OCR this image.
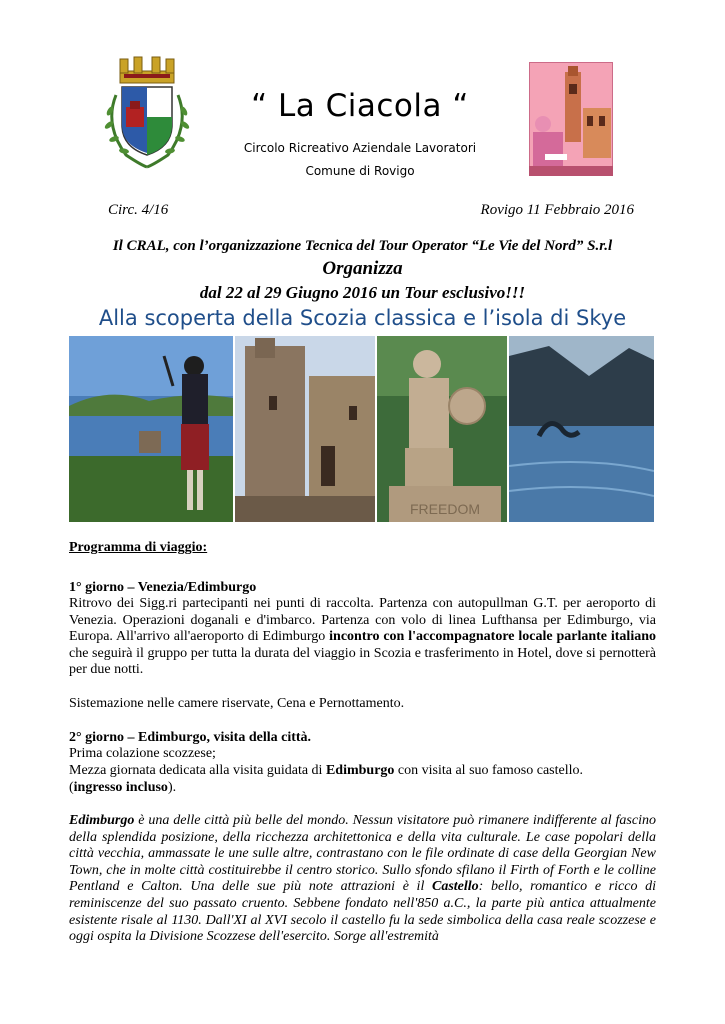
“ La Ciacola “
Circolo Ricreativo Aziendale Lavoratori
Comune di Rovigo
Circ. 4/16	Rovigo 11 Febbraio 2016
Il CRAL, con l’organizzazione Tecnica del Tour Operator “Le Vie del Nord” S.r.l
Organizza
dal 22 al 29 Giugno 2016 un Tour esclusivo!!!
Alla scoperta della Scozia classica e l’isola di Skye
FREEDOM
Programma di viaggio:
1° giorno – Venezia/Edimburgo
Ritrovo dei Sigg.ri partecipanti nei punti di raccolta. Partenza con autopullman G.T. per aeroporto di Venezia. Operazioni doganali e d'imbarco. Partenza con volo di linea Lufthansa per Edimburgo, via Europa. All'arrivo all'aeroporto di Edimburgo incontro con l'accompagnatore locale parlante italiano che seguirà il gruppo per tutta la durata del viaggio in Scozia e trasferimento in Hotel, dove si pernotterà per due notti.
Sistemazione nelle camere riservate, Cena e Pernottamento.
2° giorno – Edimburgo, visita della città.
Prima colazione scozzese;
Mezza giornata dedicata alla visita guidata di Edimburgo con visita al suo famoso castello.
(ingresso incluso).
Edimburgo è una delle città più belle del mondo. Nessun visitatore può rimanere indifferente al fascino della splendida posizione, della ricchezza architettonica e della vita culturale. Le case popolari della città vecchia, ammassate le une sulle altre, contrastano con le file ordinate di case della Georgian New Town, che in molte città costituirebbe il centro storico. Sullo sfondo sfilano il Firth of Forth e le colline Pentland e Calton. Una delle sue più note attrazioni è il Castello: bello, romantico e ricco di reminiscenze del suo passato cruento. Sebbene fondato nell'850 a.C., la parte più antica attualmente esistente risale al 1130. Dall'XI al XVI secolo il castello fu la sede simbolica della casa reale scozzese e oggi ospita la Divisione Scozzese dell'esercito. Sorge all'estremità
